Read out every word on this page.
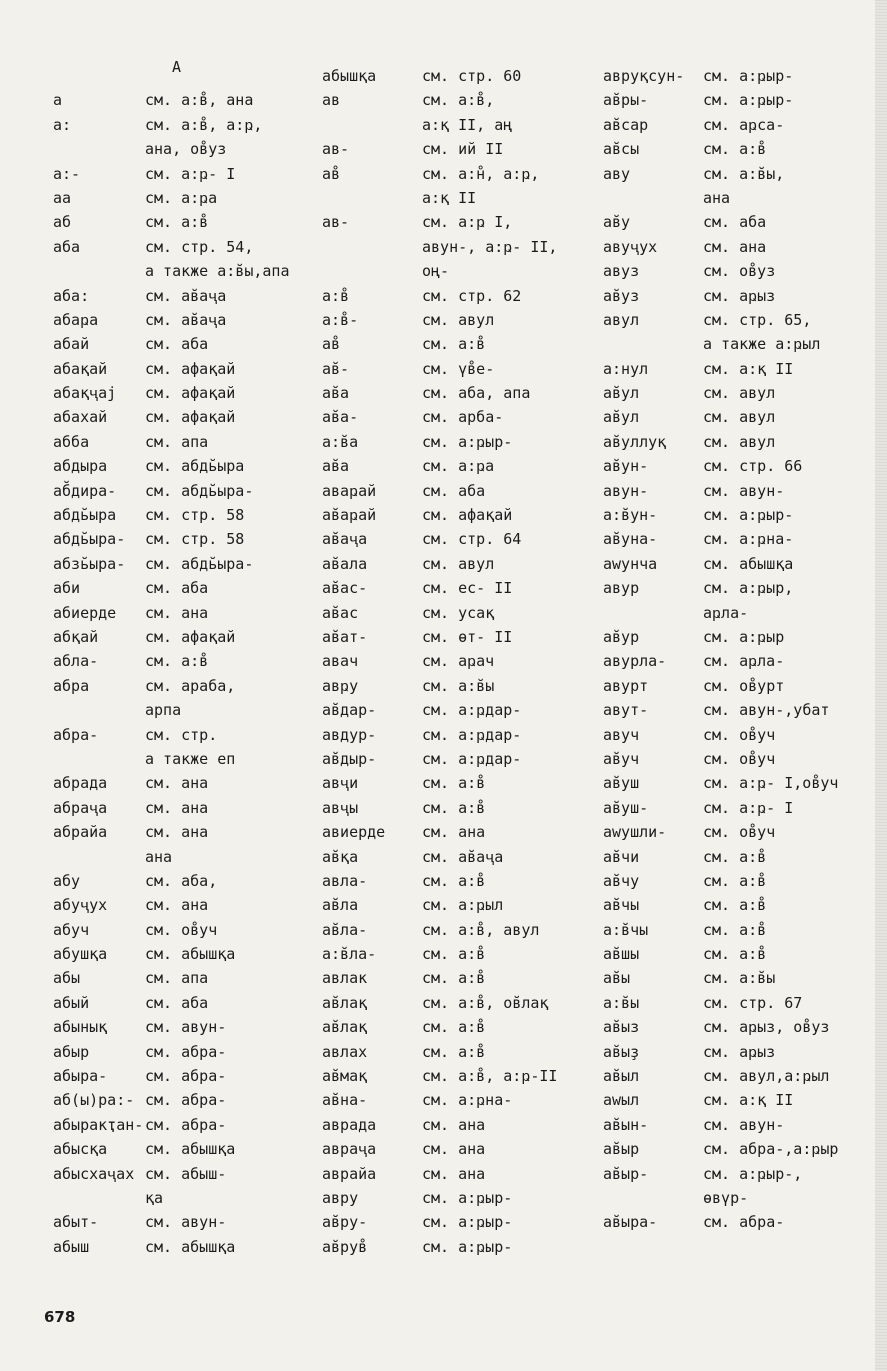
А
а	см. а:в̊, ана
а:	см. а:в̊, а:ҏ,
ана, ов̊уз
а:-	см. а:ҏ- I
аа	см. а:ҏа
аб	см. а:в̊
аба	см. стр. 54,
а также а:в̆ы,апа
аба:	см. ав̆аҷа
абаҏа	см. ав̆аҷа
абай	см. аба
абақай	см. афақай
абақҷај см. афақай
абахай	см. афақай
абба	см. апа
абдыра	см. абдь̆ыра
аб̆дира- см. абдь̆ыра-
абдь̆ыра см. стр. 58
абдь̆ыра- см. стр. 58
абзь̆ыра- см. абдь̆ыра-
аби	см. аба
абиерде см. ана
абқай	см. афақай
абла-	см. а:в̊
абра	см. араба,
арпа
абра-	см. стр.
а также еп
абрада	см. ана
абраҷа	см. ана
абрайа	см. ана
ана
абу	см. аба,
абуҷух	см. ана
абуч	см. ов̊уч
абушқа	см. абышқа
абы	см. апа
абый	см. аба
абынық	см. авун-
абыр	см. абра-
абыра-	см. абра-
аб(ы)ра:- см. абра-
абыракҭан- см. абра-
абысқа	см. абышқа
абысхаҷах см. абыш-
қа
абыт-	см. авун-
абыш	см. абышқа
абышқа	см. стр. 60
ав	см. а:в̊,
а:қ II, аң
ав-	см. ий II
ав̊	см. а:н̊, а:ҏ,
а:қ II
ав-	см. а:ҏ I,
авун-, а:ҏ- II,
оң-
а:в̊	см. стр. 62
а:в̊-	см. авул
ав̊	см. а:в̊
ав̆-	см. үв̊е-
ав̆а	см. аба, апа
ав̆а-	см. арба-
а:в̆а	см. а:ҏыр-
ав̆а	см. а:ҏа
аваҏай	см. аба
ав̆аҏай	см. афақай
ав̆аҷа	см. стр. 64
ав̆ала	см. авул
ав̆ас-	см. ес- II
ав̆ас	см. усақ
ав̆ат-	см. өт- II
авач	см. аҏач
авҏу	см. а:в̆ы
ав̆дар-	см. а:ҏдар-
авдур-	см. а:ҏдар-
ав̆дыр-	см. а:ҏдар-
авҷи	см. а:в̊
авҷы	см. а:в̊
авиерде см. ана
ав̆қа	см. ав̆аҷа
авла-	см. а:в̊
ав̆ла	см. а:ҏыл
ав̆ла-	см. а:в̊, авул
а:в̆ла-	см. а:в̊
авлак	см. а:в̊
ав̆лақ	см. а:в̊, ов̆лақ
ав̆лақ	см. а:в̊
авлах	см. а:в̊
ав̆мақ	см. а:в̊, а:ҏ-II
ав̆на-	см. а:ҏна-
аврада	см. ана
авраҷа	см. ана
аврайа	см. ана
авру	см. а:ҏыр-
ав̆ру-	см. а:ҏыр-
ав̆рув̊	см. а:ҏыр-
авруқсун- см. а:ҏыр-
ав̆ры-	см. а:ҏыр-
ав̆сар	см. аҏса-
ав̆сы	см. а:в̊
аву	см. а:в̆ы,
ана
ав̆у	см. аба
авуҷух	см. ана
авуз	см. ов̊уз
ав̆уз	см. аҏыз
авул	см. стр. 65,
а также а:ҏыл
а:нул	см. а:қ II
ав̆ул	см. авул
ав̆ул	см. авул
ав̆уллуқ см. авул
ав̆ун-	см. стр. 66
авун-	см. авун-
а:в̆ун-	см. а:ҏыр-
ав̆уна-	см. а:ҏна-
аwунча	см. абышқа
авур	см. а:ҏыр,
аҏла-
ав̆ур	см. а:ҏыр
авурла- см. аҏла-
авурт	см. ов̊урт
авут-	см. авун-,убат
авуч	см. ов̊уч
ав̆уч	см. ов̊уч
ав̆уш	см. а:ҏ- I,ов̊уч
ав̆уш-	см. а:ҏ- I
аwушли- см. ов̊уч
ав̆чи	см. а:в̊
ав̆чу	см. а:в̊
ав̆чы	см. а:в̊
а:в̆чы	см. а:в̊
ав̆шы	см. а:в̊
ав̆ы	см. а:в̆ы
а:в̆ы	см. стр. 67
ав̆ыз	см. аҏыз, ов̊уз
ав̆ыҙ	см. аҏыз
ав̆ыл	см. авул,а:ҏыл
аwыл	см. а:қ II
ав̆ын-	см. авун-
ав̆ыр	см. абра-,а:ҏыр
ав̆ыр-	см. а:ҏыр-,
өвүр-
ав̆ыра-	см. абра-
678
